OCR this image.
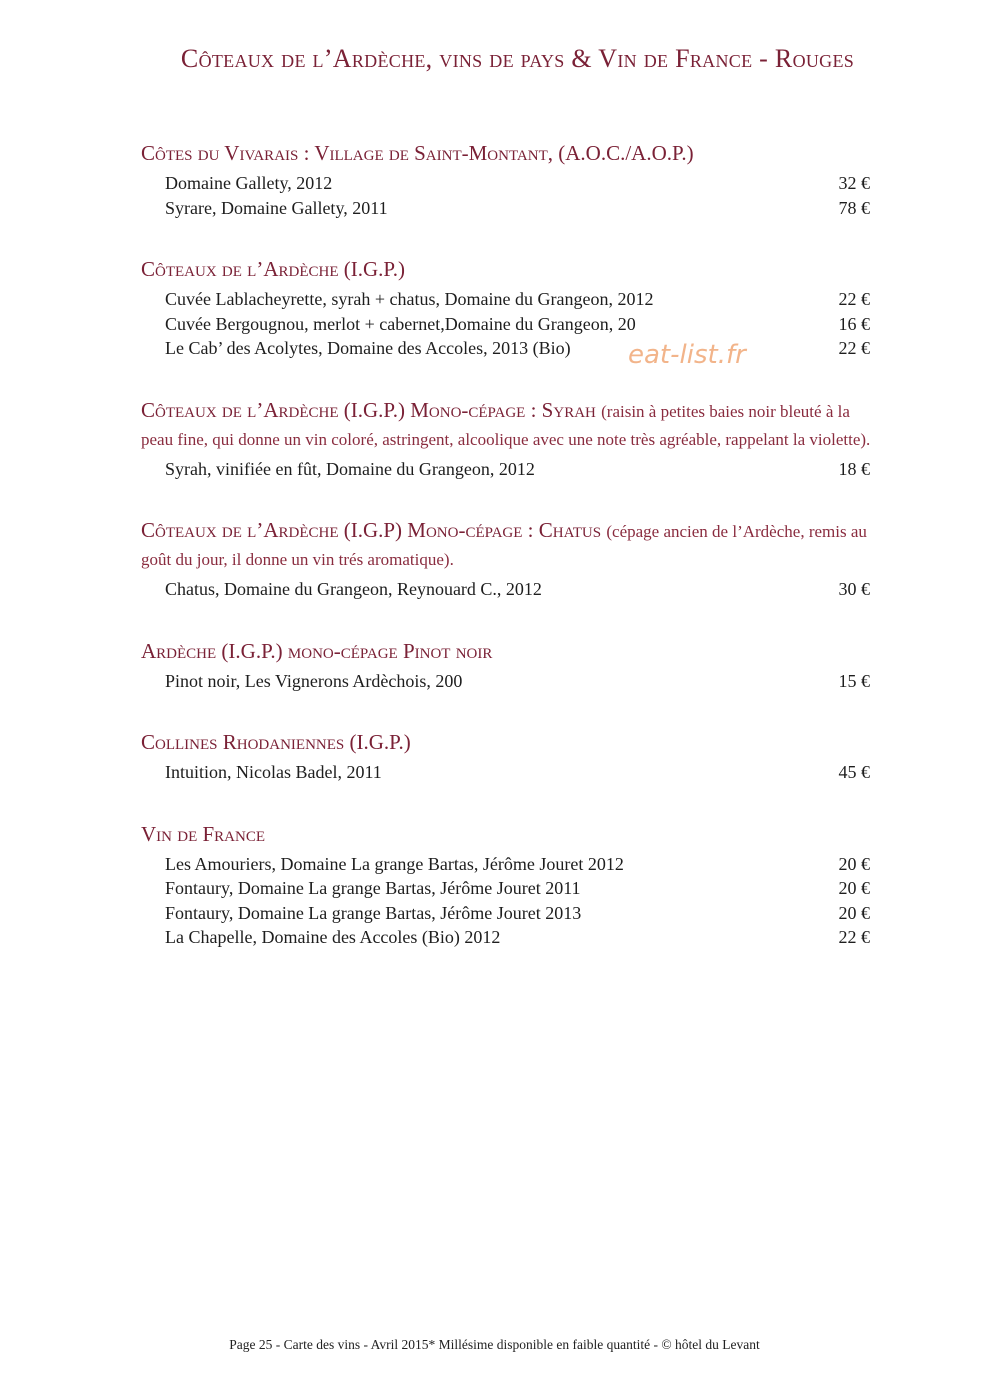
Côteaux de l’Ardèche, vins de pays & Vin de France - Rouges

Côtes du Vivarais : Village de Saint-Montant, (A.O.C./A.O.P.)

Domaine Gallety, 2012	32 €
Syrare, Domaine Gallety, 2011	78 €

Côteaux de l’Ardèche (I.G.P.)

Cuvée Lablacheyrette, syrah + chatus, Domaine du Grangeon, 2012	22 €
Cuvée Bergougnou, merlot + cabernet,Domaine du Grangeon, 20	16 €
Le Cab’ des Acolytes, Domaine des Accoles, 2013 (Bio)	22 €

Côteaux de l’Ardèche (I.G.P.) Mono-cépage : Syrah (raisin à petites baies noir bleuté à la peau fine, qui donne un vin coloré, astringent, alcoolique avec une note très agréable, rappelant la violette).

Syrah, vinifiée en fût, Domaine du Grangeon, 2012	18 €

Côteaux de l’Ardèche (I.G.P) Mono-cépage : Chatus (cépage ancien de l’Ardèche, remis au goût du jour, il donne un vin trés aromatique).

Chatus, Domaine du Grangeon, Reynouard C., 2012	30 €

Ardèche (I.G.P.) mono-cépage Pinot noir

Pinot noir, Les Vignerons Ardèchois, 200	15 €

Collines Rhodaniennes (I.G.P.)

Intuition, Nicolas Badel, 2011	45 €

Vin de France

Les Amouriers, Domaine La grange Bartas, Jérôme Jouret 2012	20 €
Fontaury, Domaine La grange Bartas, Jérôme Jouret 2011	20 €
Fontaury, Domaine La grange Bartas, Jérôme Jouret 2013	20 €
La Chapelle, Domaine des Accoles (Bio) 2012	22 €
eat-list.fr
Page 25 - Carte des vins - Avril 2015* Millésime disponible en faible quantité - © hôtel du Levant
